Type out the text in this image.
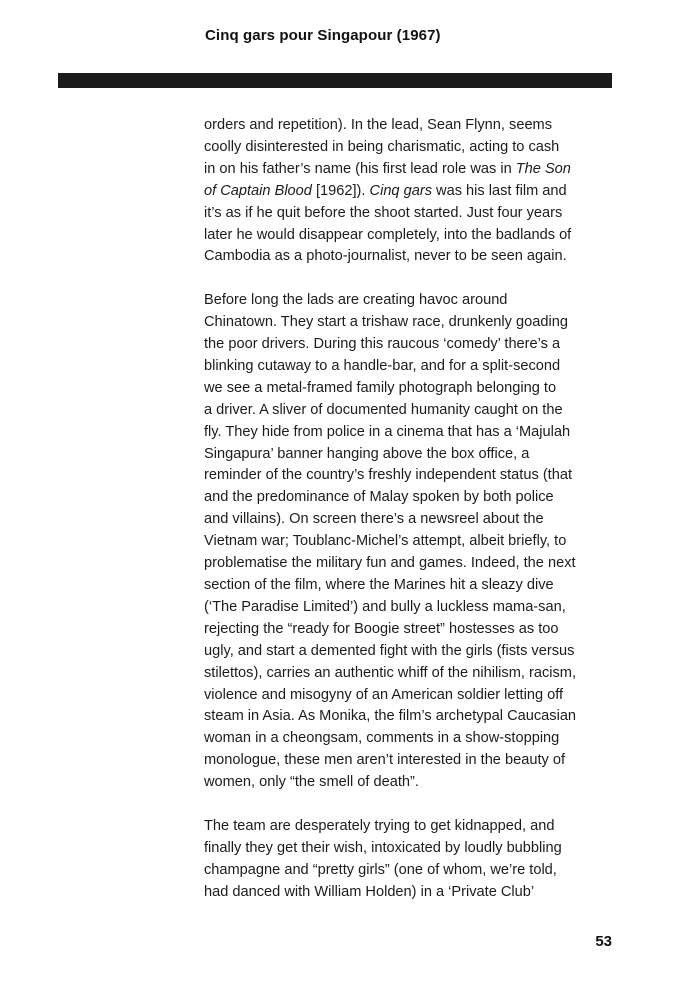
Cinq gars pour Singapour (1967)

orders and repetition). In the lead, Sean Flynn, seems
coolly disinterested in being charismatic, acting to cash
in on his father’s name (his first lead role was in The Son
of Captain Blood [1962]). Cinq gars was his last film and
it’s as if he quit before the shoot started. Just four years
later he would disappear completely, into the badlands of
Cambodia as a photo-journalist, never to be seen again.

Before long the lads are creating havoc around
Chinatown. They start a trishaw race, drunkenly goading
the poor drivers. During this raucous ‘comedy’ there’s a
blinking cutaway to a handle-bar, and for a split-second
we see a metal-framed family photograph belonging to
a driver. A sliver of documented humanity caught on the
fly. They hide from police in a cinema that has a ‘Majulah
Singapura’ banner hanging above the box office, a
reminder of the country’s freshly independent status (that
and the predominance of Malay spoken by both police
and villains). On screen there’s a newsreel about the
Vietnam war; Toublanc-Michel’s attempt, albeit briefly, to
problematise the military fun and games. Indeed, the next
section of the film, where the Marines hit a sleazy dive
(‘The Paradise Limited’) and bully a luckless mama-san,
rejecting the “ready for Boogie street” hostesses as too
ugly, and start a demented fight with the girls (fists versus
stilettos), carries an authentic whiff of the nihilism, racism,
violence and misogyny of an American soldier letting off
steam in Asia. As Monika, the film’s archetypal Caucasian
woman in a cheongsam, comments in a show-stopping
monologue, these men aren’t interested in the beauty of
women, only “the smell of death”.

The team are desperately trying to get kidnapped, and
finally they get their wish, intoxicated by loudly bubbling
champagne and “pretty girls” (one of whom, we’re told,
had danced with William Holden) in a ‘Private Club’

53
